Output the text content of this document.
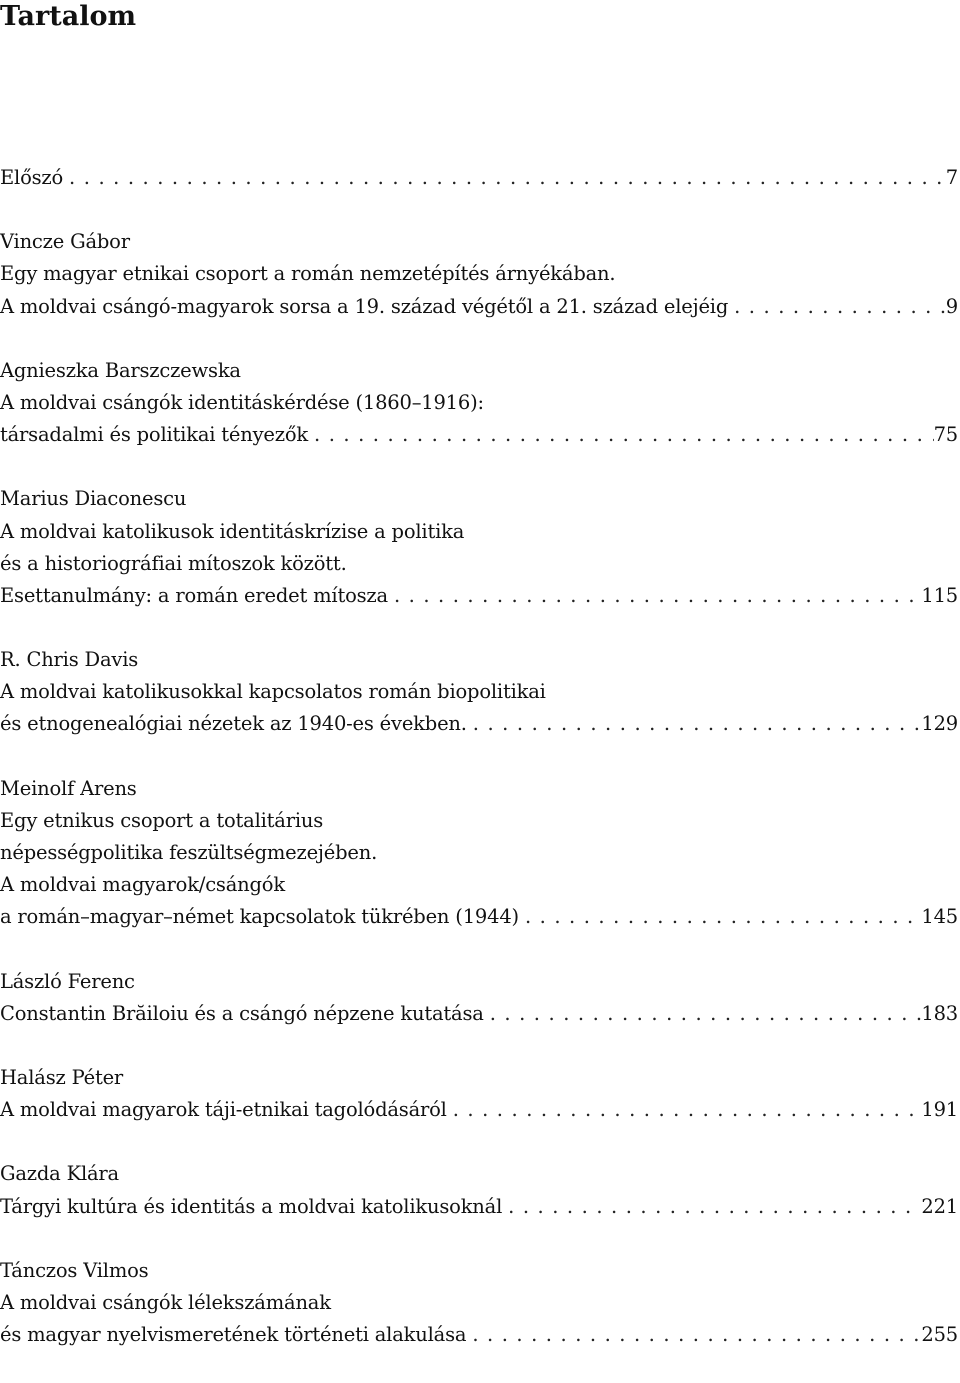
Tartalom
Előszó . . .	7
Vincze Gábor
Egy magyar etnikai csoport a román nemzetépítés árnyékában.
A moldvai csángó-magyarok sorsa a 19. század végétől a 21. század elejéig . . .	9
Agnieszka Barszczewska
A moldvai csángók identitáskérdése (1860–1916):
társadalmi és politikai tényezők . . .	75
Marius Diaconescu
A moldvai katolikusok identitáskrízise a politika
és a historiográfiai mítoszok között.
Esettanulmány: a román eredet mítosza . . .	115
R. Chris Davis
A moldvai katolikusokkal kapcsolatos román biopolitikai
és etnogenealógiai nézetek az 1940-es években. . . .	129
Meinolf Arens
Egy etnikus csoport a totalitárius
népességpolitika feszültségmezejében.
A moldvai magyarok/csángók
a román–magyar–német kapcsolatok tükrében (1944) . . .	145
László Ferenc
Constantin Brăiloiu és a csángó népzene kutatása . . .	183
Halász Péter
A moldvai magyarok táji-etnikai tagolódásáról . . .	191
Gazda Klára
Tárgyi kultúra és identitás a moldvai katolikusoknál . . .	221
Tánczos Vilmos
A moldvai csángók lélekszámának
és magyar nyelvismeretének történeti alakulása . . .	255
